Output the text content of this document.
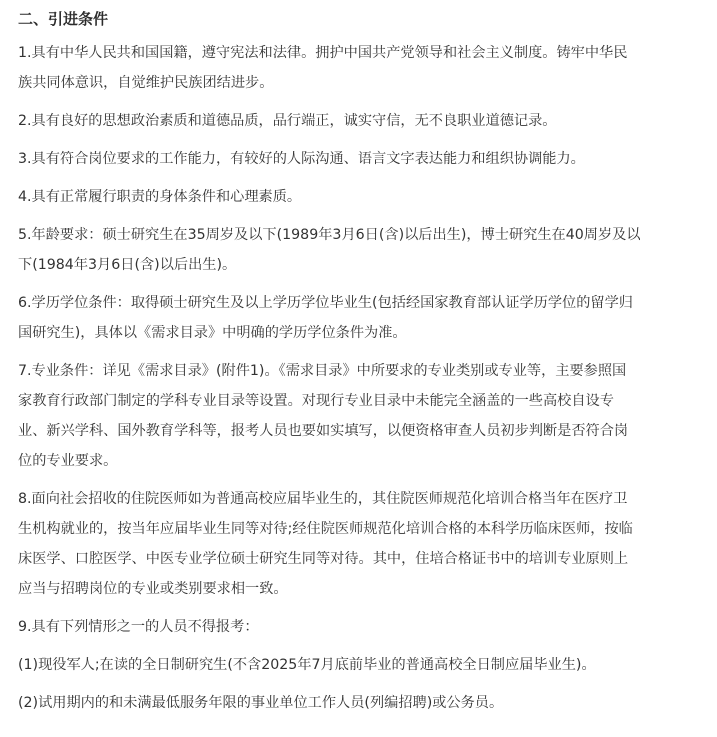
二、引进条件
1.具有中华人民共和国国籍，遵守宪法和法律。拥护中国共产党领导和社会主义制度。铸牢中华民
族共同体意识，自觉维护民族团结进步。
2.具有良好的思想政治素质和道德品质，品行端正，诚实守信，无不良职业道德记录。
3.具有符合岗位要求的工作能力，有较好的人际沟通、语言文字表达能力和组织协调能力。
4.具有正常履行职责的身体条件和心理素质。
5.年龄要求：硕士研究生在35周岁及以下(1989年3月6日(含)以后出生)，博士研究生在40周岁及以
下(1984年3月6日(含)以后出生)。
6.学历学位条件：取得硕士研究生及以上学历学位毕业生(包括经国家教育部认证学历学位的留学归
国研究生)，具体以《需求目录》中明确的学历学位条件为准。
7.专业条件：详见《需求目录》(附件1)。《需求目录》中所要求的专业类别或专业等，主要参照国
家教育行政部门制定的学科专业目录等设置。对现行专业目录中未能完全涵盖的一些高校自设专
业、新兴学科、国外教育学科等，报考人员也要如实填写，以便资格审查人员初步判断是否符合岗
位的专业要求。
8.面向社会招收的住院医师如为普通高校应届毕业生的，其住院医师规范化培训合格当年在医疗卫
生机构就业的，按当年应届毕业生同等对待;经住院医师规范化培训合格的本科学历临床医师，按临
床医学、口腔医学、中医专业学位硕士研究生同等对待。其中，住培合格证书中的培训专业原则上
应当与招聘岗位的专业或类别要求相一致。
9.具有下列情形之一的人员不得报考：
(1)现役军人;在读的全日制研究生(不含2025年7月底前毕业的普通高校全日制应届毕业生)。
(2)试用期内的和未满最低服务年限的事业单位工作人员(列编招聘)或公务员。
